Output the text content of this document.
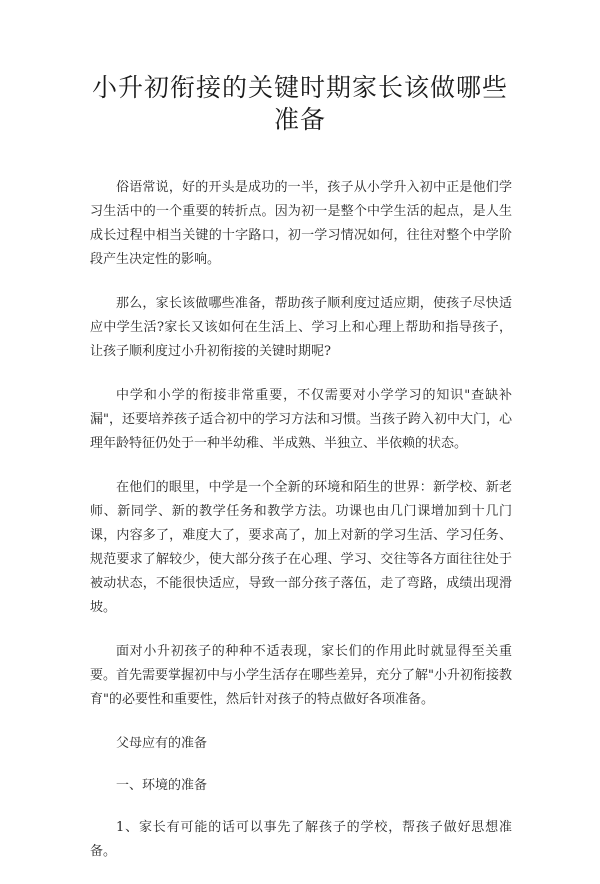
小升初衔接的关键时期家长该做哪些准备

俗语常说，好的开头是成功的一半，孩子从小学升入初中正是他们学习生活中的一个重要的转折点。因为初一是整个中学生活的起点，是人生成长过程中相当关键的十字路口，初一学习情况如何，往往对整个中学阶段产生决定性的影响。

那么，家长该做哪些准备，帮助孩子顺利度过适应期，使孩子尽快适应中学生活?家长又该如何在生活上、学习上和心理上帮助和指导孩子，让孩子顺利度过小升初衔接的关键时期呢?

中学和小学的衔接非常重要，不仅需要对小学学习的知识"查缺补漏"，还要培养孩子适合初中的学习方法和习惯。当孩子跨入初中大门，心理年龄特征仍处于一种半幼稚、半成熟、半独立、半依赖的状态。

在他们的眼里，中学是一个全新的环境和陌生的世界：新学校、新老师、新同学、新的教学任务和教学方法。功课也由几门课增加到十几门课，内容多了，难度大了，要求高了，加上对新的学习生活、学习任务、规范要求了解较少，使大部分孩子在心理、学习、交往等各方面往往处于被动状态，不能很快适应，导致一部分孩子落伍，走了弯路，成绩出现滑坡。

面对小升初孩子的种种不适表现，家长们的作用此时就显得至关重要。首先需要掌握初中与小学生活存在哪些差异，充分了解"小升初衔接教育"的必要性和重要性，然后针对孩子的特点做好各项准备。

父母应有的准备

一、环境的准备

1、家长有可能的话可以事先了解孩子的学校，帮孩子做好思想准备。
